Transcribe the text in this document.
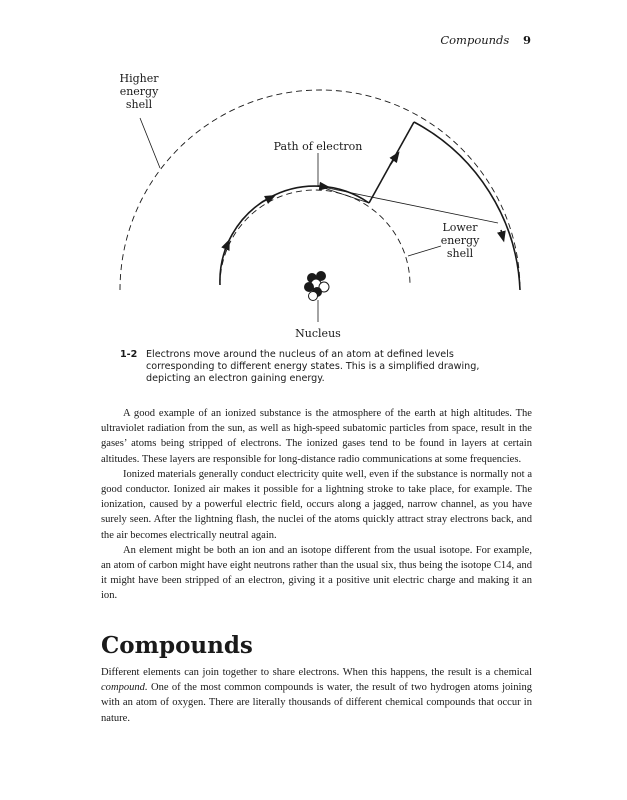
Compounds 9
Higher
energy
shell
Path of electron
Lower
energy
shell
Nucleus
1-2 Electrons move around the nucleus of an atom at defined levels corresponding to different energy states. This is a simplified drawing, depicting an electron gaining energy.

A good example of an ionized substance is the atmosphere of the earth at high altitudes. The ultraviolet radiation from the sun, as well as high-speed subatomic particles from space, result in the gases’ atoms being stripped of electrons. The ionized gases tend to be found in layers at certain altitudes. These layers are responsible for long-distance radio communications at some frequencies.

Ionized materials generally conduct electricity quite well, even if the substance is normally not a good conductor. Ionized air makes it possible for a lightning stroke to take place, for example. The ionization, caused by a powerful electric field, occurs along a jagged, narrow channel, as you have surely seen. After the lightning flash, the nuclei of the atoms quickly attract stray electrons back, and the air becomes electrically neutral again.

An element might be both an ion and an isotope different from the usual isotope. For example, an atom of carbon might have eight neutrons rather than the usual six, thus being the isotope C14, and it might have been stripped of an electron, giving it a positive unit electric charge and making it an ion.

Compounds

Different elements can join together to share electrons. When this happens, the result is a chemical compound. One of the most common compounds is water, the result of two hydrogen atoms joining with an atom of oxygen. There are literally thousands of different chemical compounds that occur in nature.
